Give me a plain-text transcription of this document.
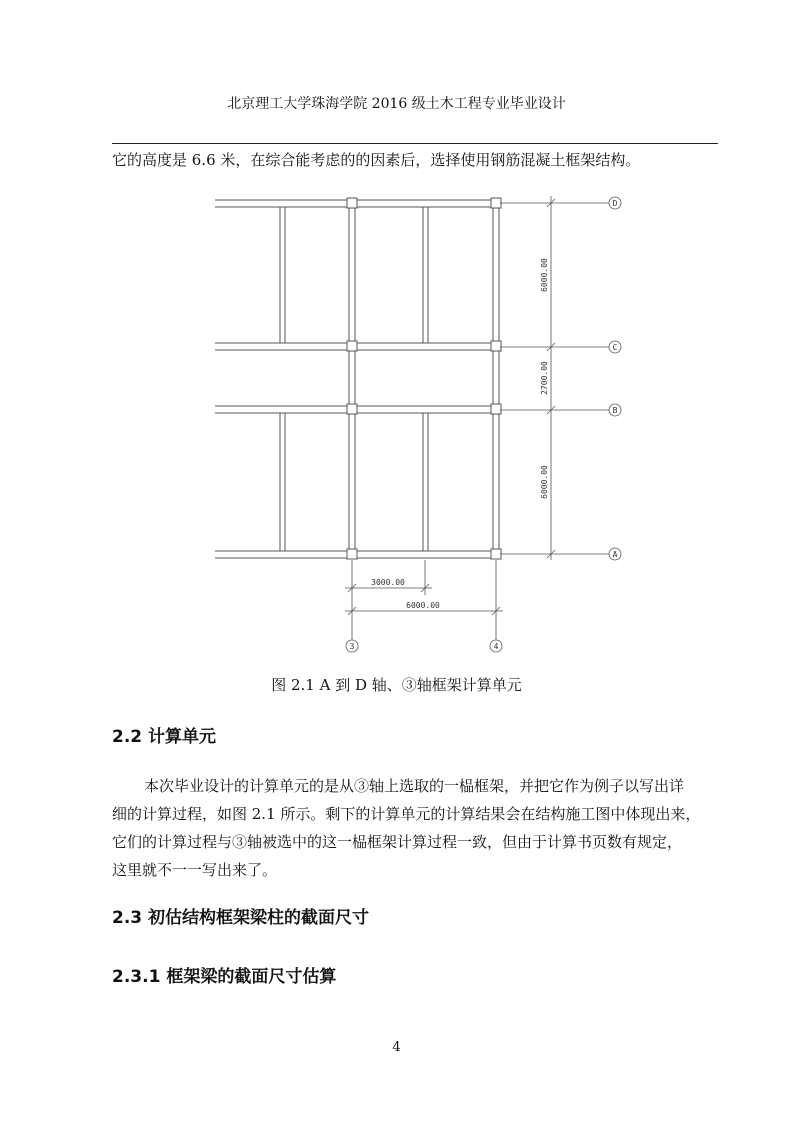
北京理工大学珠海学院 2016 级土木工程专业毕业设计
它的高度是 6.6 米，在综合能考虑的的因素后，选择使用钢筋混凝土框架结构。
D
C
B
A
3	4
6000.00
2700.00
6000.00
3000.00
6000.00
图 2.1 A 到 D 轴、③轴框架计算单元
2.2 计算单元
本次毕业设计的计算单元的是从③轴上选取的一榀框架，并把它作为例子以写出详
细的计算过程，如图 2.1 所示。剩下的计算单元的计算结果会在结构施工图中体现出来，
它们的计算过程与③轴被选中的这一榀框架计算过程一致，但由于计算书页数有规定，
这里就不一一写出来了。
2.3 初估结构框架梁柱的截面尺寸
2.3.1 框架梁的截面尺寸估算
4
